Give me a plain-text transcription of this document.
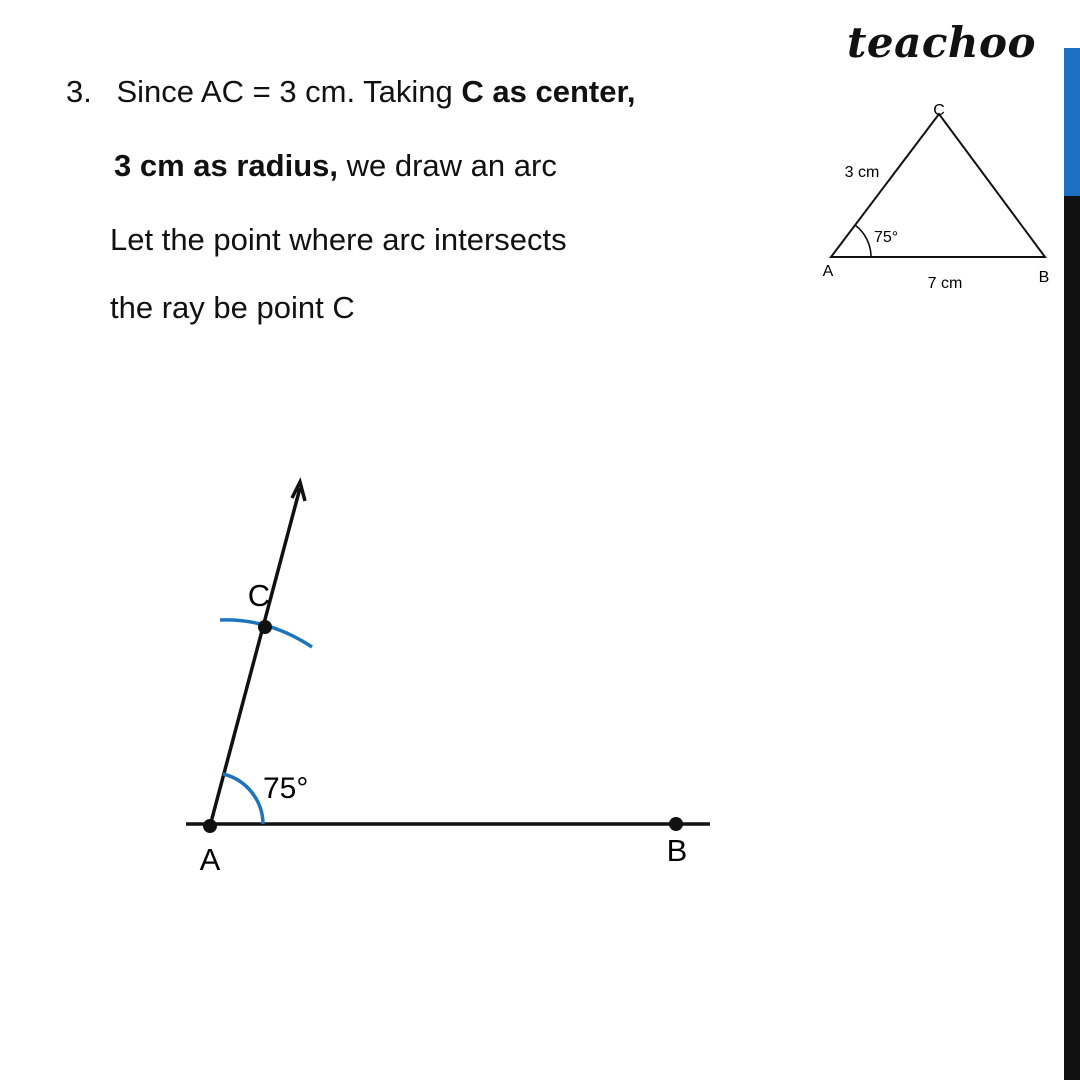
teachoo
3. Since AC = 3 cm. Taking C as center,
3 cm as radius, we draw an arc
Let the point where arc intersects
the ray be point C
C
A	B
3 cm
7 cm
75°
75°
A	B
C
